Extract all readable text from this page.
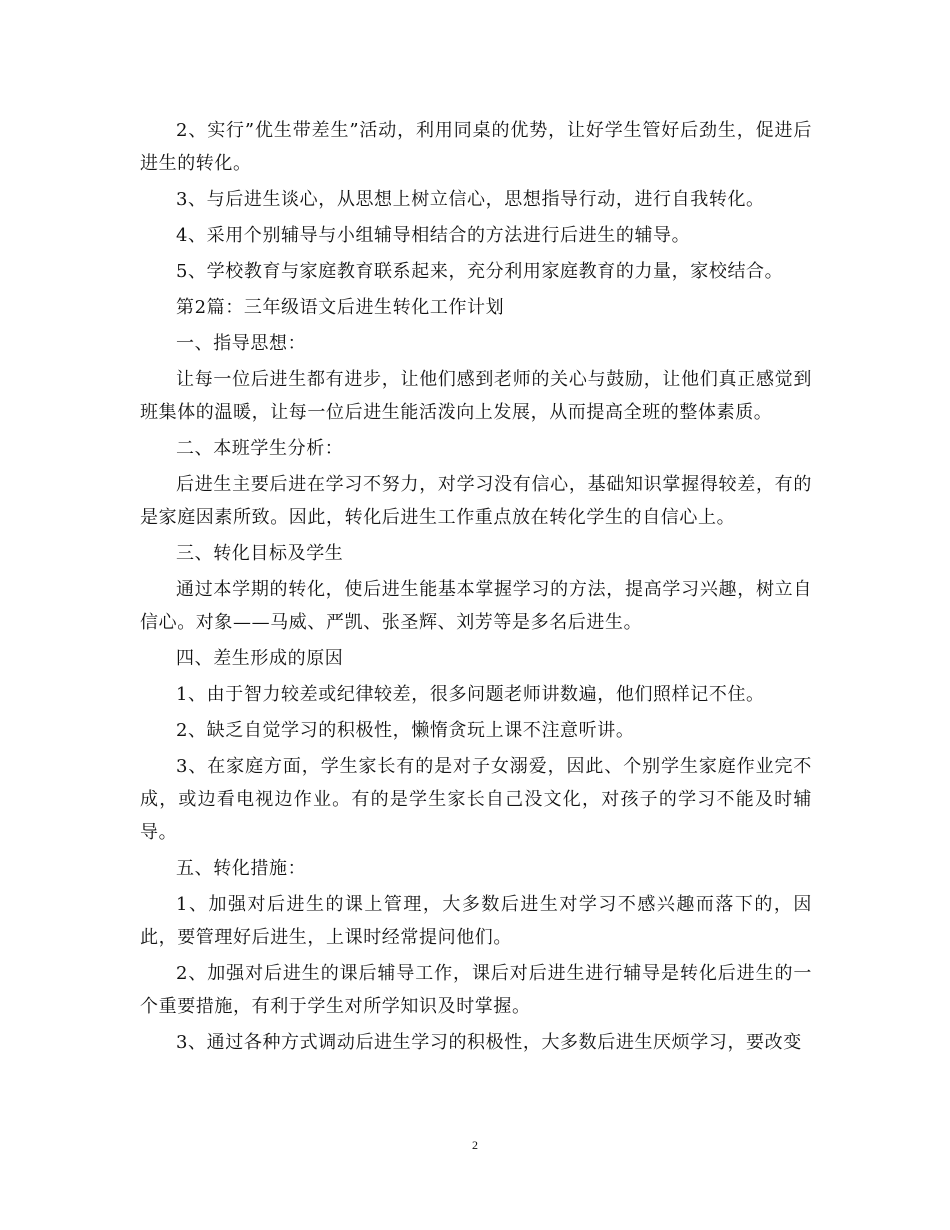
2、实行”优生带差生”活动，利用同桌的优势，让好学生管好后劲生，促进后进生的转化。

3、与后进生谈心，从思想上树立信心，思想指导行动，进行自我转化。

4、采用个别辅导与小组辅导相结合的方法进行后进生的辅导。

5、学校教育与家庭教育联系起来，充分利用家庭教育的力量，家校结合。

第2篇：三年级语文后进生转化工作计划

一、指导思想：

让每一位后进生都有进步，让他们感到老师的关心与鼓励，让他们真正感觉到班集体的温暖，让每一位后进生能活泼向上发展，从而提高全班的整体素质。

二、本班学生分析：

后进生主要后进在学习不努力，对学习没有信心，基础知识掌握得较差，有的是家庭因素所致。因此，转化后进生工作重点放在转化学生的自信心上。

三、转化目标及学生

通过本学期的转化，使后进生能基本掌握学习的方法，提高学习兴趣，树立自信心。对象——马威、严凯、张圣辉、刘芳等是多名后进生。

四、差生形成的原因

1、由于智力较差或纪律较差，很多问题老师讲数遍，他们照样记不住。

2、缺乏自觉学习的积极性，懒惰贪玩上课不注意听讲。

3、在家庭方面，学生家长有的是对子女溺爱，因此、个别学生家庭作业完不成，或边看电视边作业。有的是学生家长自己没文化，对孩子的学习不能及时辅导。

五、转化措施：

1、加强对后进生的课上管理，大多数后进生对学习不感兴趣而落下的，因此，要管理好后进生，上课时经常提问他们。

2、加强对后进生的课后辅导工作，课后对后进生进行辅导是转化后进生的一个重要措施，有利于学生对所学知识及时掌握。

3、通过各种方式调动后进生学习的积极性，大多数后进生厌烦学习，要改变

2
